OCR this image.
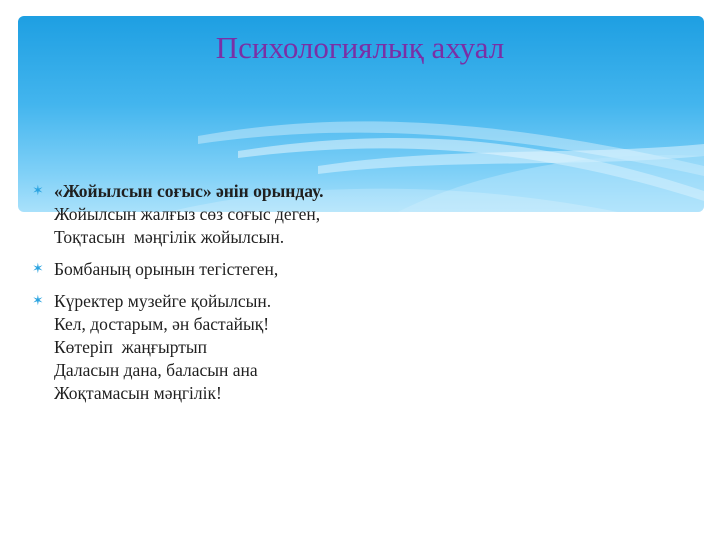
Психологиялық ахуал
✶ «Жойылсын соғыс» әнін орындау.
Жойылсын жалғыз сөз соғыс деген,
Тоқтасын  мәңгілік жойылсын.
✶ Бомбаның орынын тегістеген,
✶ Күректер музейге қойылсын.
Кел, достарым, ән бастайық!
Көтеріп  жаңғыртып
Даласын дана, баласын ана
Жоқтамасын мәңгілік!
